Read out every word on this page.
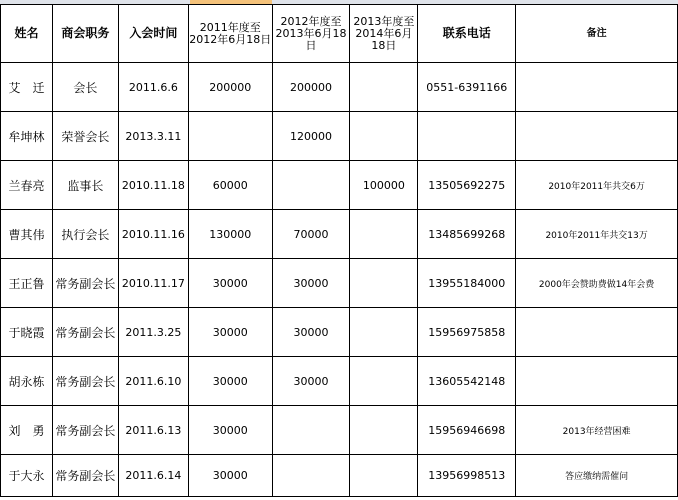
姓名	商会职务	入会时间	2011年度至2012年6月18日	2012年度至2013年6月18日	2013年度至2014年6月18日	联系电话	备注
艾　迁	会长	2011.6.6	200000	200000		0551-6391166	
牟坤林	荣誉会长	2013.3.11		120000			
兰春亮	监事长	2010.11.18	60000		100000	13505692275	2010年2011年共交6万
曹其伟	执行会长	2010.11.16	130000	70000		13485699268	2010年2011年共交13万
王正鲁	常务副会长	2010.11.17	30000	30000		13955184000	2000年会赞助费做14年会费
于晓霞	常务副会长	2011.3.25	30000	30000		15956975858	
胡永栋	常务副会长	2011.6.10	30000	30000		13605542148	
刘　勇	常务副会长	2011.6.13	30000			15956946698	2013年经营困难
于大永	常务副会长	2011.6.14	30000			13956998513	答应缴纳需催问
